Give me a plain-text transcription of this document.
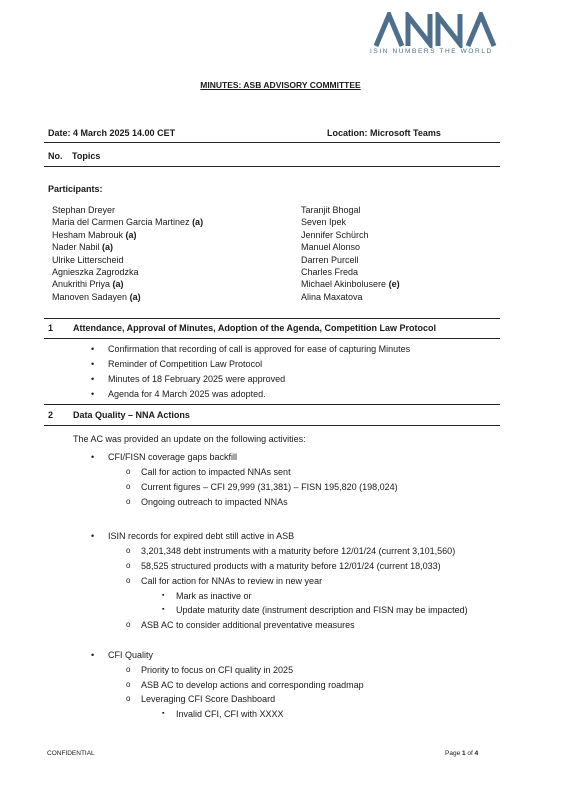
ISIN NUMBERS THE WORLD
MINUTES: ASB ADVISORY COMMITTEE
Date: 4 March 2025 14.00 CET	Location: Microsoft Teams
No. Topics
Participants:
Stephan Dreyer
Maria del Carmen Garcia Martinez (a)
Hesham Mabrouk (a)
Nader Nabil (a)
Ulrike Litterscheid
Agnieszka Zagrodzka
Anukrithi Priya (a)
Manoven Sadayen (a)
Taranjit Bhogal
Seven Ipek
Jennifer Schürch
Manuel Alonso
Darren Purcell
Charles Freda
Michael Akinbolusere (e)
Alina Maxatova
1 Attendance, Approval of Minutes, Adoption of the Agenda, Competition Law Protocol
• Confirmation that recording of call is approved for ease of capturing Minutes
• Reminder of Competition Law Protocol
• Minutes of 18 February 2025 were approved
• Agenda for 4 March 2025 was adopted.
2 Data Quality – NNA Actions
The AC was provided an update on the following activities:
• CFI/FISN coverage gaps backfill
o Call for action to impacted NNAs sent
o Current figures – CFI 29,999 (31,381) – FISN 195,820 (198,024)
o Ongoing outreach to impacted NNAs
• ISIN records for expired debt still active in ASB
o 3,201,348 debt instruments with a maturity before 12/01/24 (current 3,101,560)
o 58,525 structured products with a maturity before 12/01/24 (current 18,033)
o Call for action for NNAs to review in new year
▪ Mark as inactive or
▪ Update maturity date (instrument description and FISN may be impacted)
o ASB AC to consider additional preventative measures
• CFI Quality
o Priority to focus on CFI quality in 2025
o ASB AC to develop actions and corresponding roadmap
o Leveraging CFI Score Dashboard
▪ Invalid CFI, CFI with XXXX
CONFIDENTIAL	Page 1 of 4
